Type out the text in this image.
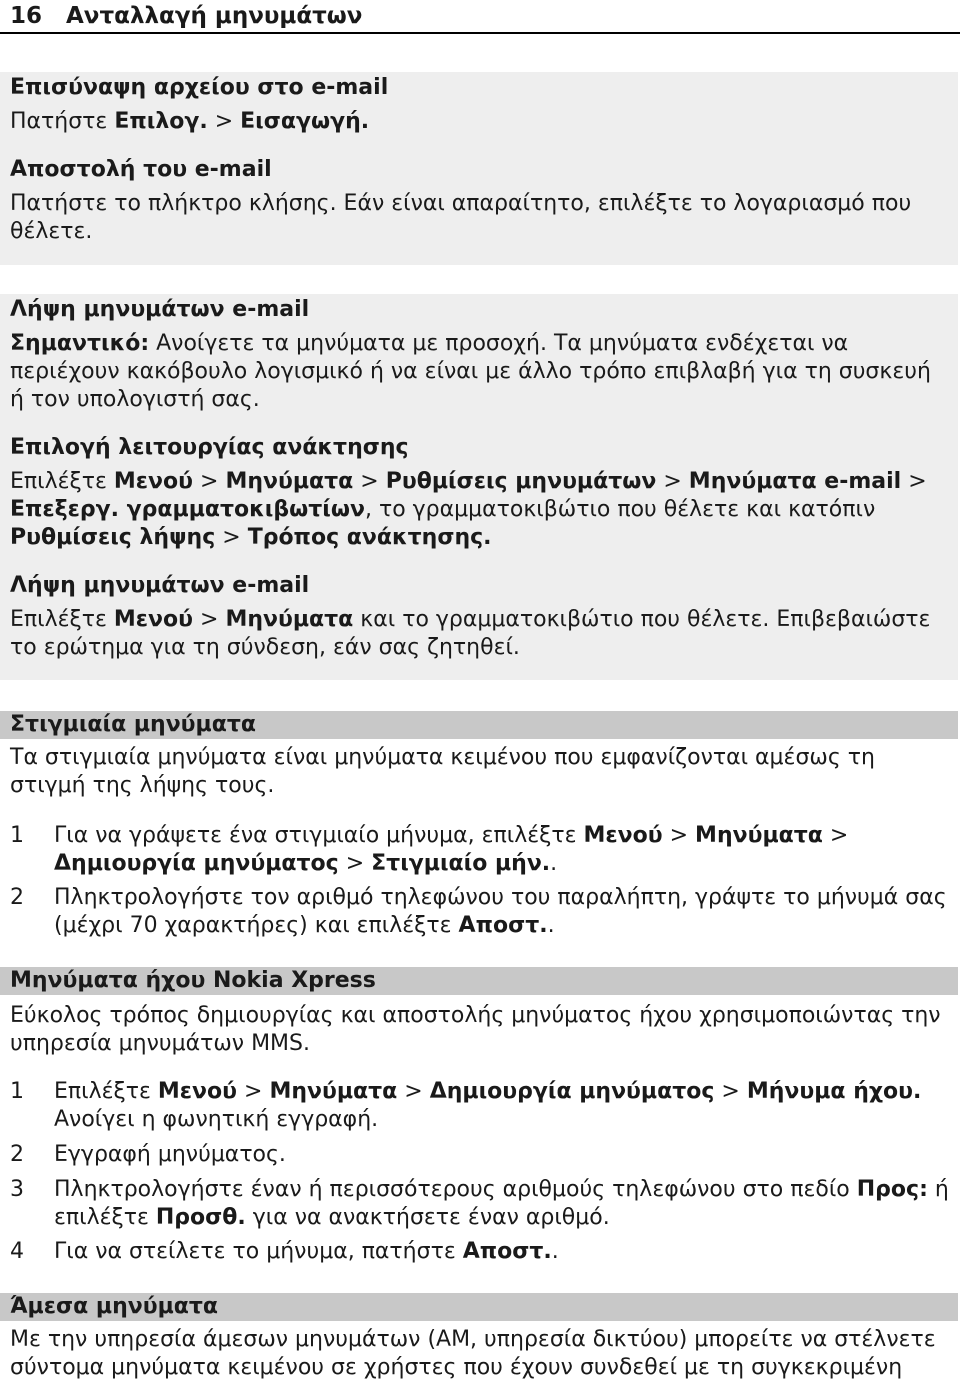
16	Ανταλλαγή μηνυμάτων
Επισύναψη αρχείου στο e-mail
Πατήστε Επιλογ. > Εισαγωγή.
Αποστολή του e-mail
Πατήστε το πλήκτρο κλήσης. Εάν είναι απαραίτητο, επιλέξτε το λογαριασμό που θέλετε.
Λήψη μηνυμάτων e-mail
Σημαντικό: Ανοίγετε τα μηνύματα με προσοχή. Τα μηνύματα ενδέχεται να περιέχουν κακόβουλο λογισμικό ή να είναι με άλλο τρόπο επιβλαβή για τη συσκευή ή τον υπολογιστή σας.
Επιλογή λειτουργίας ανάκτησης
Επιλέξτε Μενού > Μηνύματα > Ρυθμίσεις μηνυμάτων > Μηνύματα e-mail > Επεξεργ. γραμματοκιβωτίων, το γραμματοκιβώτιο που θέλετε και κατόπιν Ρυθμίσεις λήψης > Τρόπος ανάκτησης.
Λήψη μηνυμάτων e-mail
Επιλέξτε Μενού > Μηνύματα και το γραμματοκιβώτιο που θέλετε. Επιβεβαιώστε το ερώτημα για τη σύνδεση, εάν σας ζητηθεί.
Στιγμιαία μηνύματα
Τα στιγμιαία μηνύματα είναι μηνύματα κειμένου που εμφανίζονται αμέσως τη στιγμή της λήψης τους.
1	Για να γράψετε ένα στιγμιαίο μήνυμα, επιλέξτε Μενού > Μηνύματα > Δημιουργία μηνύματος > Στιγμιαίο μήν..
2	Πληκτρολογήστε τον αριθμό τηλεφώνου του παραλήπτη, γράψτε το μήνυμά σας (μέχρι 70 χαρακτήρες) και επιλέξτε Αποστ..
Μηνύματα ήχου Nokia Xpress
Εύκολος τρόπος δημιουργίας και αποστολής μηνύματος ήχου χρησιμοποιώντας την υπηρεσία μηνυμάτων MMS.
1	Επιλέξτε Μενού > Μηνύματα > Δημιουργία μηνύματος > Μήνυμα ήχου. Ανοίγει η φωνητική εγγραφή.
2	Εγγραφή μηνύματος.
3	Πληκτρολογήστε έναν ή περισσότερους αριθμούς τηλεφώνου στο πεδίο Προς: ή επιλέξτε Προσθ. για να ανακτήσετε έναν αριθμό.
4	Για να στείλετε το μήνυμα, πατήστε Αποστ..
Άμεσα μηνύματα
Με την υπηρεσία άμεσων μηνυμάτων (ΑΜ, υπηρεσία δικτύου) μπορείτε να στέλνετε σύντομα μηνύματα κειμένου σε χρήστες που έχουν συνδεθεί με τη συγκεκριμένη
